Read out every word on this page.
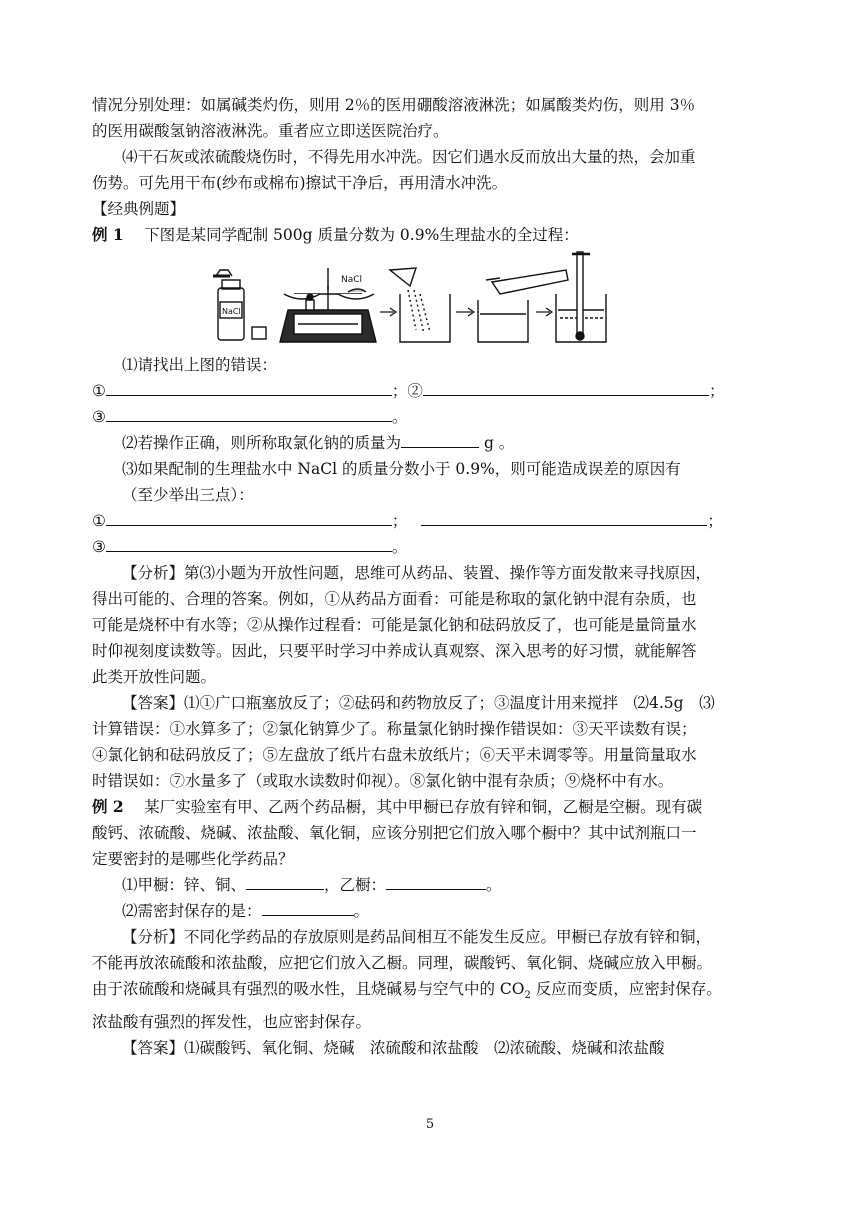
情况分别处理：如属碱类灼伤，则用 2％的医用硼酸溶液淋洗；如属酸类灼伤，则用 3％

的医用碳酸氢钠溶液淋洗。重者应立即送医院治疗。

⑷干石灰或浓硫酸烧伤时，不得先用水冲洗。因它们遇水反而放出大量的热，会加重

伤势。可先用干布(纱布或棉布)擦试干净后，再用清水冲洗。

【经典例题】

例 1　 下图是某同学配制 500g 质量分数为 0.9%生理盐水的全过程：

NaCl
NaCl

⑴请找出上图的错误：

①	；②	；

③	。

⑵若操作正确，则所称取氯化钠的质量为	g 。

⑶如果配制的生理盐水中 NaCl 的质量分数小于 0.9%，则可能造成误差的原因有

（至少举出三点）：

①	；	；

③	。

【分析】第⑶小题为开放性问题，思维可从药品、装置、操作等方面发散来寻找原因，

得出可能的、合理的答案。例如，①从药品方面看：可能是称取的氯化钠中混有杂质，也

可能是烧杯中有水等；②从操作过程看：可能是氯化钠和砝码放反了，也可能是量筒量水

时仰视刻度读数等。因此，只要平时学习中养成认真观察、深入思考的好习惯，就能解答

此类开放性问题。

【答案】⑴①广口瓶塞放反了；②砝码和药物放反了；③温度计用来搅拌　⑵4.5g　⑶

计算错误：①水算多了；②氯化钠算少了。称量氯化钠时操作错误如：③天平读数有误；

④氯化钠和砝码放反了；⑤左盘放了纸片右盘未放纸片；⑥天平未调零等。用量筒量取水

时错误如：⑦水量多了（或取水读数时仰视）。⑧氯化钠中混有杂质；⑨烧杯中有水。

例 2　 某厂实验室有甲、乙两个药品橱，其中甲橱已存放有锌和铜，乙橱是空橱。现有碳

酸钙、浓硫酸、烧碱、浓盐酸、氧化铜，应该分别把它们放入哪个橱中？其中试剂瓶口一

定要密封的是哪些化学药品？

⑴甲橱：锌、铜、	，乙橱：	。

⑵需密封保存的是：	。

【分析】不同化学药品的存放原则是药品间相互不能发生反应。甲橱已存放有锌和铜，

不能再放浓硫酸和浓盐酸，应把它们放入乙橱。同理，碳酸钙、氧化铜、烧碱应放入甲橱。

由于浓硫酸和烧碱具有强烈的吸水性，且烧碱易与空气中的 $CO_2$ 反应而变质，应密封保存。

浓盐酸有强烈的挥发性，也应密封保存。

【答案】⑴碳酸钙、氧化铜、烧碱　浓硫酸和浓盐酸　⑵浓硫酸、烧碱和浓盐酸

5
